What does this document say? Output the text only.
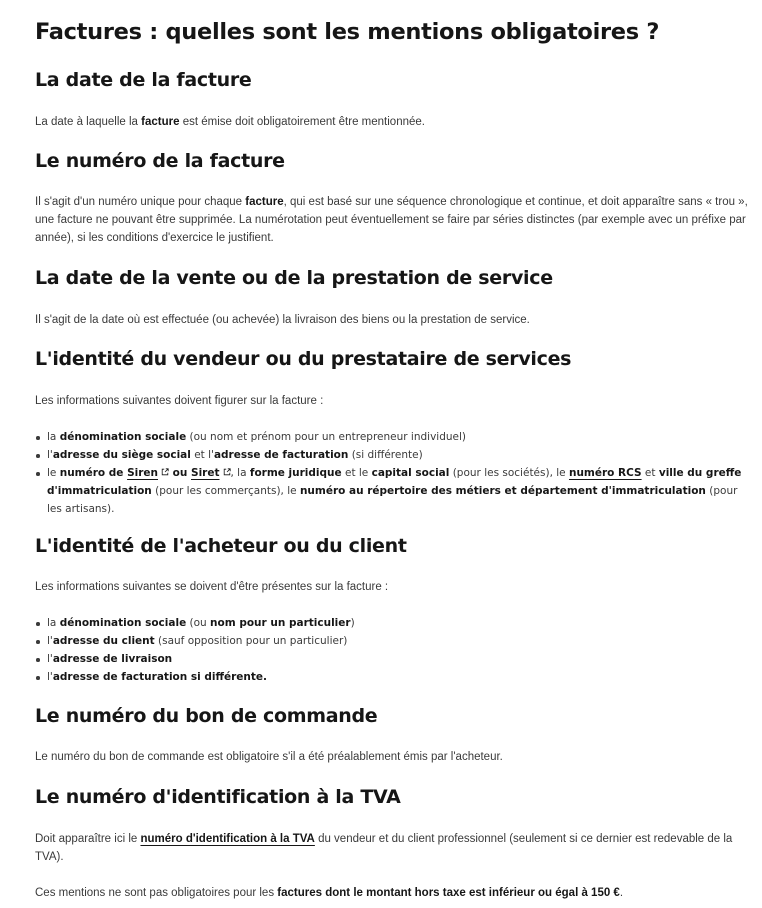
Factures : quelles sont les mentions obligatoires ?
La date de la facture

La date à laquelle la facture est émise doit obligatoirement être mentionnée.

Le numéro de la facture

Il s'agit d'un numéro unique pour chaque facture, qui est basé sur une séquence chronologique et continue, et doit apparaître sans « trou », une facture ne pouvant être supprimée. La numérotation peut éventuellement se faire par séries distinctes (par exemple avec un préfixe par année), si les conditions d'exercice le justifient.

La date de la vente ou de la prestation de service

Il s'agit de la date où est effectuée (ou achevée) la livraison des biens ou la prestation de service.

L'identité du vendeur ou du prestataire de services

Les informations suivantes doivent figurer sur la facture :

la dénomination sociale (ou nom et prénom pour un entrepreneur individuel)
l'adresse du siège social et l'adresse de facturation (si différente)
le numéro de Siren ou Siret , la forme juridique et le capital social (pour les sociétés), le numéro RCS et ville du greffe d'immatriculation (pour les commerçants), le numéro au répertoire des métiers et département d'immatriculation (pour les artisans).
L'identité de l'acheteur ou du client

Les informations suivantes se doivent d'être présentes sur la facture :

la dénomination sociale (ou nom pour un particulier)
l'adresse du client (sauf opposition pour un particulier)
l'adresse de livraison
l'adresse de facturation si différente.
Le numéro du bon de commande

Le numéro du bon de commande est obligatoire s'il a été préalablement émis par l'acheteur.

Le numéro d'identification à la TVA

Doit apparaître ici le numéro d'identification à la TVA du vendeur et du client professionnel (seulement si ce dernier est redevable de la TVA).

Ces mentions ne sont pas obligatoires pour les factures dont le montant hors taxe est inférieur ou égal à 150 €.
